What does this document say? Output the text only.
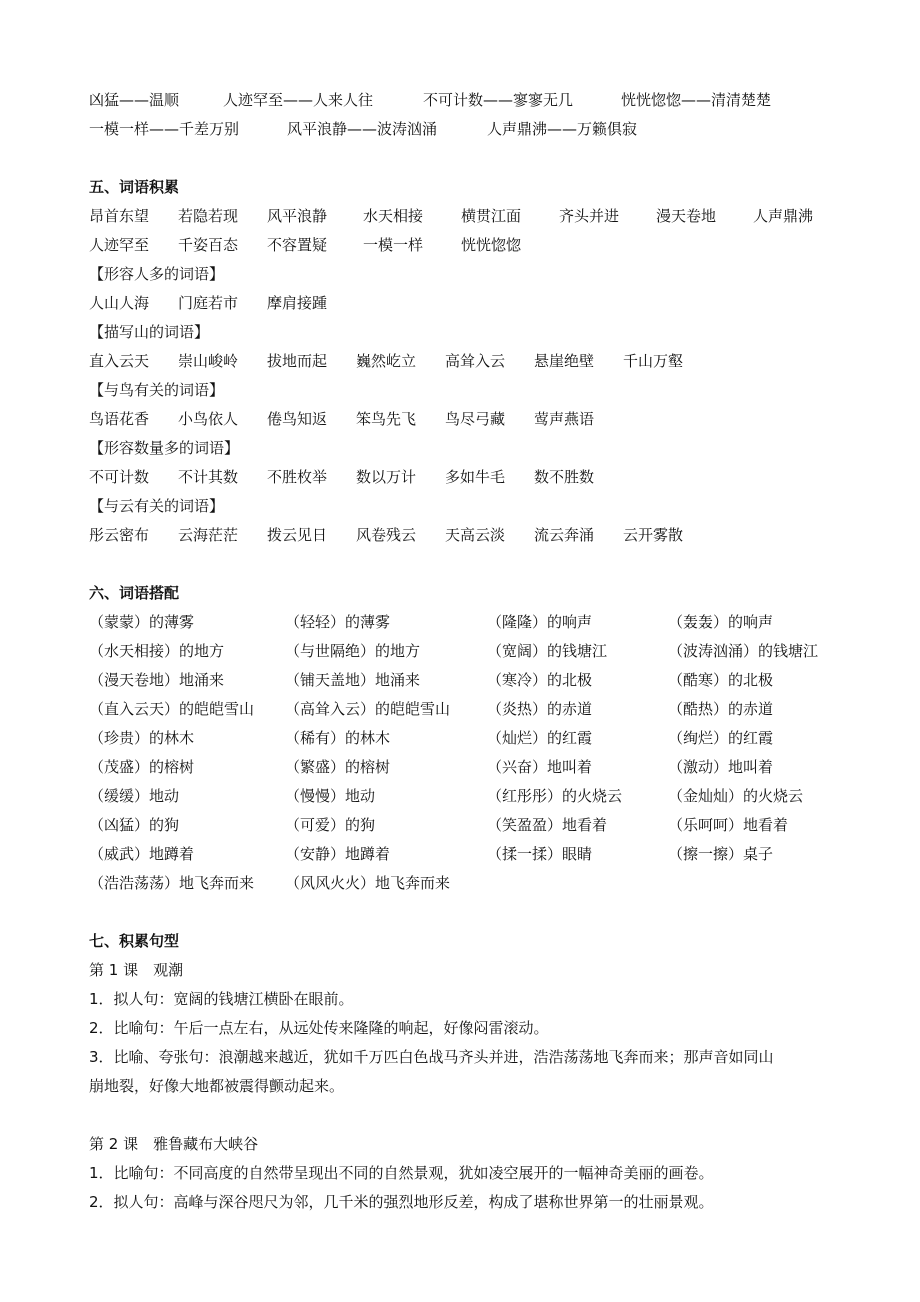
凶猛——温顺	人迹罕至——人来人往	不可计数——寥寥无几	恍恍惚惚——清清楚楚
一模一样——千差万别	风平浪静——波涛汹涌	人声鼎沸——万籁俱寂
五、词语积累
昂首东望 若隐若现 风平浪静 水天相接	横贯江面	齐头并进 漫天卷地 人声鼎沸
人迹罕至 千姿百态 不容置疑 一模一样	恍恍惚惚
【形容人多的词语】
人山人海 门庭若市 摩肩接踵
【描写山的词语】
直入云天 崇山峻岭 拔地而起 巍然屹立 高耸入云 悬崖绝壁 千山万壑
【与鸟有关的词语】
鸟语花香 小鸟依人 倦鸟知返 笨鸟先飞 鸟尽弓藏 莺声燕语
【形容数量多的词语】
不可计数 不计其数 不胜枚举 数以万计 多如牛毛 数不胜数
【与云有关的词语】
彤云密布 云海茫茫 拨云见日 风卷残云 天高云淡 流云奔涌 云开雾散
六、词语搭配
（蒙蒙）的薄雾	（轻轻）的薄雾	（隆隆）的响声	（轰轰）的响声
（水天相接）的地方	（与世隔绝）的地方	（宽阔）的钱塘江	（波涛汹涌）的钱塘江
（漫天卷地）地涌来	（铺天盖地）地涌来	（寒冷）的北极	（酷寒）的北极
（直入云天）的皑皑雪山 （高耸入云）的皑皑雪山 （炎热）的赤道	（酷热）的赤道
（珍贵）的林木	（稀有）的林木	（灿烂）的红霞	（绚烂）的红霞
（茂盛）的榕树	（繁盛）的榕树	（兴奋）地叫着	（激动）地叫着
（缓缓）地动	（慢慢）地动	（红彤彤）的火烧云	（金灿灿）的火烧云
（凶猛）的狗	（可爱）的狗	（笑盈盈）地看着	（乐呵呵）地看着
（威武）地蹲着	（安静）地蹲着	（揉一揉）眼睛	（擦一擦）桌子
（浩浩荡荡）地飞奔而来 （风风火火）地飞奔而来
七、积累句型
第 1 课　观潮
1．拟人句：宽阔的钱塘江横卧在眼前。
2．比喻句：午后一点左右，从远处传来隆隆的响起，好像闷雷滚动。
3．比喻、夸张句：浪潮越来越近，犹如千万匹白色战马齐头并进，浩浩荡荡地飞奔而来；那声音如同山
崩地裂，好像大地都被震得颤动起来。
第 2 课　雅鲁藏布大峡谷
1．比喻句：不同高度的自然带呈现出不同的自然景观，犹如凌空展开的一幅神奇美丽的画卷。
2．拟人句：高峰与深谷咫尺为邻，几千米的强烈地形反差，构成了堪称世界第一的壮丽景观。
